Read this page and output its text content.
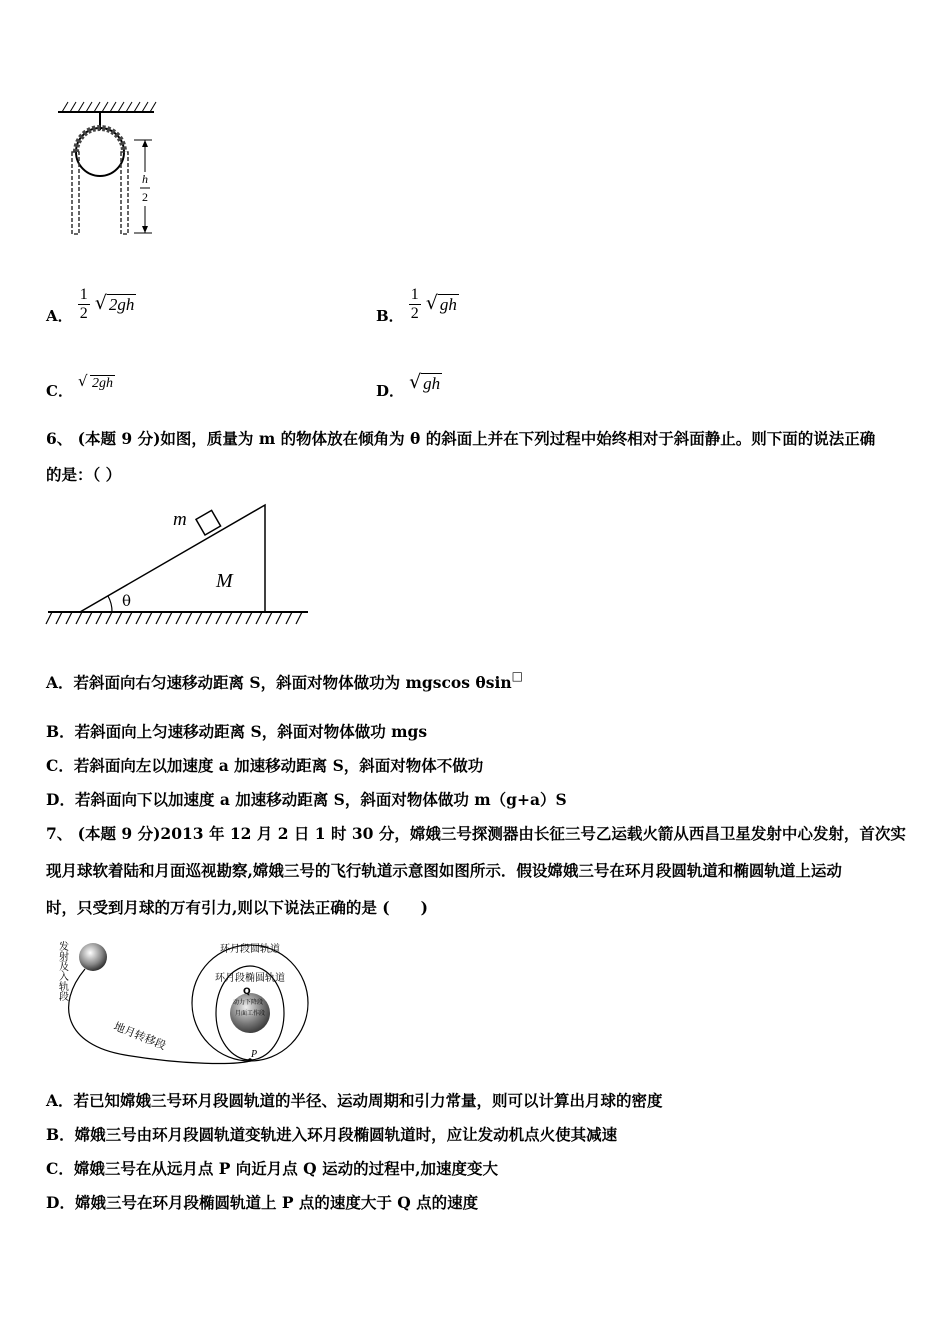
h
2
A． $\frac{1}{2}$
√ 2gh
B． $\frac{1}{2}$
√ gh
C．
√ 2gh	D． √ gh
6、 (本题 9 分)如图，质量为 m 的物体放在倾角为 θ 的斜面上并在下列过程中始终相对于斜面静止。则下面的说法正确
的是：（ ）
θ
m
M
A．若斜面向右匀速移动距离 S，斜面对物体做功为 mgscos θsin□
B．若斜面向上匀速移动距离 S，斜面对物体做功 mgs
C．若斜面向左以加速度 a 加速移动距离 S，斜面对物体不做功
D．若斜面向下以加速度 a 加速移动距离 S，斜面对物体做功 m（g+a）S
7、 (本题 9 分)2013 年 12 月 2 日 1 时 30 分，嫦娥三号探测器由长征三号乙运载火箭从西昌卫星发射中心发射，首次实
现月球软着陆和月面巡视勘察,嫦娥三号的飞行轨道示意图如图所示．假设嫦娥三号在环月段圆轨道和椭圆轨道上运动
时，只受到月球的万有引力,则以下说法正确的是 (　　)
发射及入轨段
地月转移段
环月段圆轨道
环月段椭圆轨道
Q
动力下降段
月面工作段
P
A．若已知嫦娥三号环月段圆轨道的半径、运动周期和引力常量，则可以计算出月球的密度
B．嫦娥三号由环月段圆轨道变轨进入环月段椭圆轨道时，应让发动机点火使其减速
C．嫦娥三号在从远月点 P 向近月点 Q 运动的过程中,加速度变大
D．嫦娥三号在环月段椭圆轨道上 P 点的速度大于 Q 点的速度
